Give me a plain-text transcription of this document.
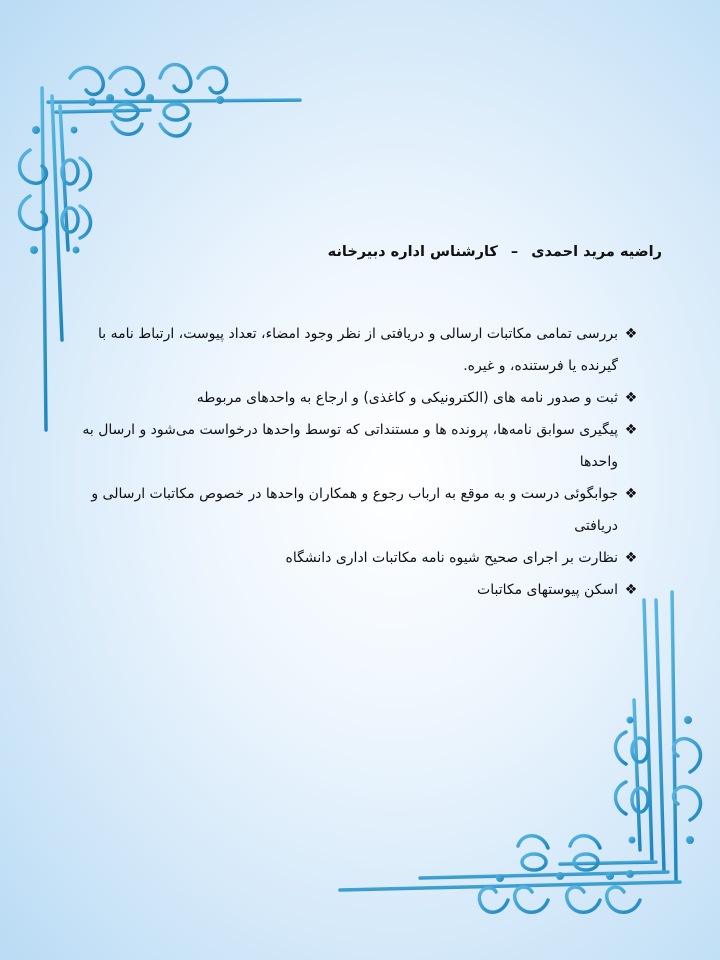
راضیه مرید احمدی – کارشناس اداره دبیرخانه
❖
بررسی تمامی مکاتبات ارسالی و دریافتی از نظر وجود امضاء، تعداد پیوست، ارتباط نامه با گیرنده یا فرستنده، و غیره.
❖
ثبت و صدور نامه های (الکترونیکی و کاغذی) و ارجاع به واحدهای مربوطه
❖
پیگیری سوابق نامه‌ها، پرونده ها و مستنداتی که توسط واحدها درخواست می‌شود و ارسال به واحدها
❖
جوابگوئی درست و به موقع به ارباب رجوع و همکاران واحدها در خصوص مکاتبات ارسالی و دریافتی
❖
نظارت بر اجرای صحیح شیوه نامه مکاتبات اداری دانشگاه
❖
اسکن پیوستهای مکاتبات
